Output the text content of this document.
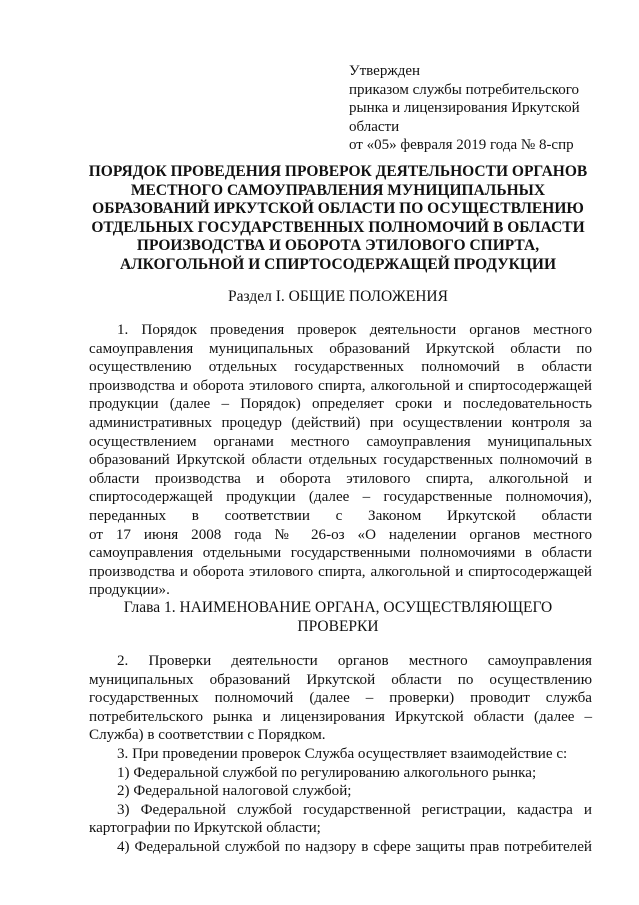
Утвержден
приказом службы потребительского
рынка и лицензирования Иркутской
области
от «05» февраля 2019 года № 8-спр
ПОРЯДОК ПРОВЕДЕНИЯ ПРОВЕРОК ДЕЯТЕЛЬНОСТИ ОРГАНОВ
МЕСТНОГО САМОУПРАВЛЕНИЯ МУНИЦИПАЛЬНЫХ
ОБРАЗОВАНИЙ ИРКУТСКОЙ ОБЛАСТИ ПО ОСУЩЕСТВЛЕНИЮ
ОТДЕЛЬНЫХ ГОСУДАРСТВЕННЫХ ПОЛНОМОЧИЙ В ОБЛАСТИ
ПРОИЗВОДСТВА И ОБОРОТА ЭТИЛОВОГО СПИРТА,
АЛКОГОЛЬНОЙ И СПИРТОСОДЕРЖАЩЕЙ ПРОДУКЦИИ
Раздел I. ОБЩИЕ ПОЛОЖЕНИЯ
1. Порядок проведения проверок деятельности органов местного
самоуправления муниципальных образований Иркутской области по
осуществлению отдельных государственных полномочий в области
производства и оборота этилового спирта, алкогольной и спиртосодержащей
продукции (далее – Порядок) определяет сроки и последовательность
административных процедур (действий) при осуществлении контроля за
осуществлением органами местного самоуправления муниципальных
образований Иркутской области отдельных государственных полномочий в
области производства и оборота этилового спирта, алкогольной и
спиртосодержащей продукции (далее – государственные полномочия),
переданных в соответствии с Законом Иркутской области
от 17 июня 2008 года № 26-оз «О наделении органов местного
самоуправления отдельными государственными полномочиями в области
производства и оборота этилового спирта, алкогольной и спиртосодержащей
продукции».
Глава 1. НАИМЕНОВАНИЕ ОРГАНА, ОСУЩЕСТВЛЯЮЩЕГО
ПРОВЕРКИ
2. Проверки деятельности органов местного самоуправления
муниципальных образований Иркутской области по осуществлению
государственных полномочий (далее – проверки) проводит служба
потребительского рынка и лицензирования Иркутской области (далее –
Службa) в соответствии с Порядком.
3. При проведении проверок Служба осуществляет взаимодействие с:
1) Федеральной службой по регулированию алкогольного рынка;
2) Федеральной налоговой службой;
3) Федеральной службой государственной регистрации, кадастра и
картографии по Иркутской области;
4) Федеральной службой по надзору в сфере защиты прав потребителей
